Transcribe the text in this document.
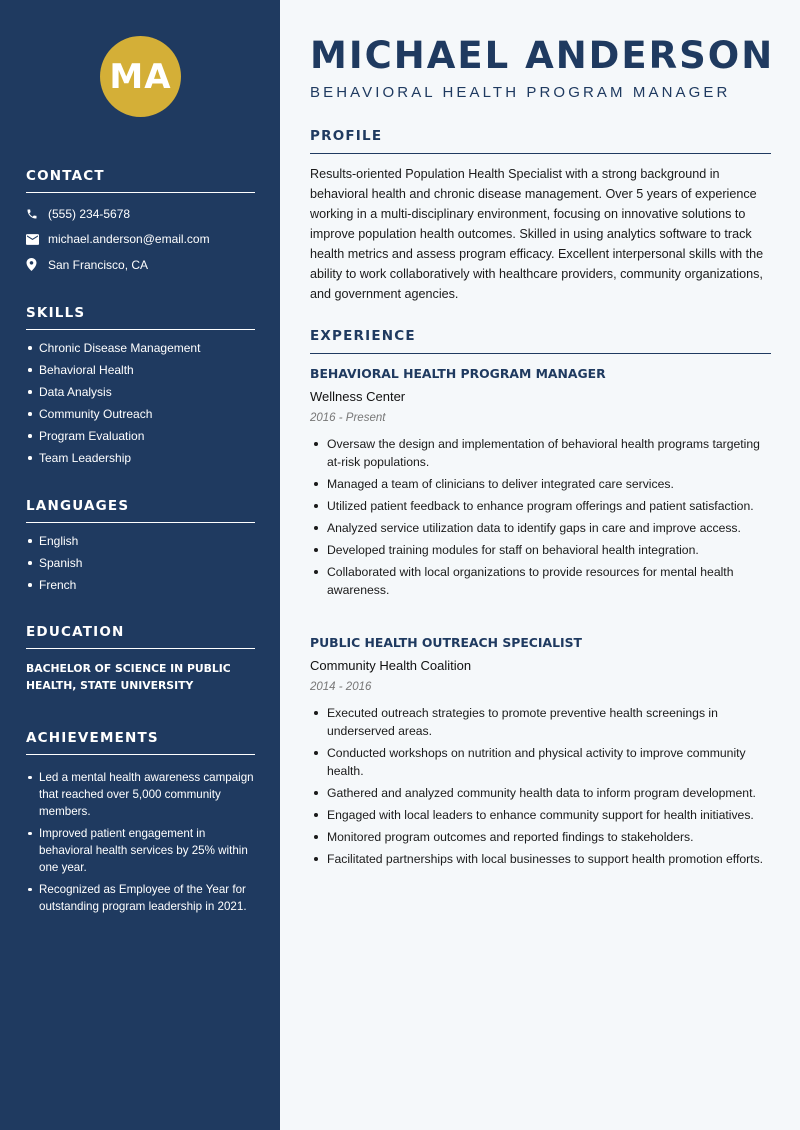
MA
CONTACT
(555) 234-5678
michael.anderson@email.com
San Francisco, CA
SKILLS
Chronic Disease Management
Behavioral Health
Data Analysis
Community Outreach
Program Evaluation
Team Leadership
LANGUAGES
English
Spanish
French
EDUCATION
BACHELOR OF SCIENCE IN PUBLIC HEALTH, STATE UNIVERSITY
ACHIEVEMENTS
Led a mental health awareness campaign that reached over 5,000 community members.
Improved patient engagement in behavioral health services by 25% within one year.
Recognized as Employee of the Year for outstanding program leadership in 2021.
MICHAEL ANDERSON
BEHAVIORAL HEALTH PROGRAM MANAGER
PROFILE

Results-oriented Population Health Specialist with a strong background in behavioral health and chronic disease management. Over 5 years of experience working in a multi-disciplinary environment, focusing on innovative solutions to improve population health outcomes. Skilled in using analytics software to track health metrics and assess program efficacy. Excellent interpersonal skills with the ability to work collaboratively with healthcare providers, community organizations, and government agencies.

EXPERIENCE
BEHAVIORAL HEALTH PROGRAM MANAGER
Wellness Center
2016 - Present
Oversaw the design and implementation of behavioral health programs targeting at-risk populations.
Managed a team of clinicians to deliver integrated care services.
Utilized patient feedback to enhance program offerings and patient satisfaction.
Analyzed service utilization data to identify gaps in care and improve access.
Developed training modules for staff on behavioral health integration.
Collaborated with local organizations to provide resources for mental health awareness.
PUBLIC HEALTH OUTREACH SPECIALIST
Community Health Coalition
2014 - 2016
Executed outreach strategies to promote preventive health screenings in underserved areas.
Conducted workshops on nutrition and physical activity to improve community health.
Gathered and analyzed community health data to inform program development.
Engaged with local leaders to enhance community support for health initiatives.
Monitored program outcomes and reported findings to stakeholders.
Facilitated partnerships with local businesses to support health promotion efforts.
